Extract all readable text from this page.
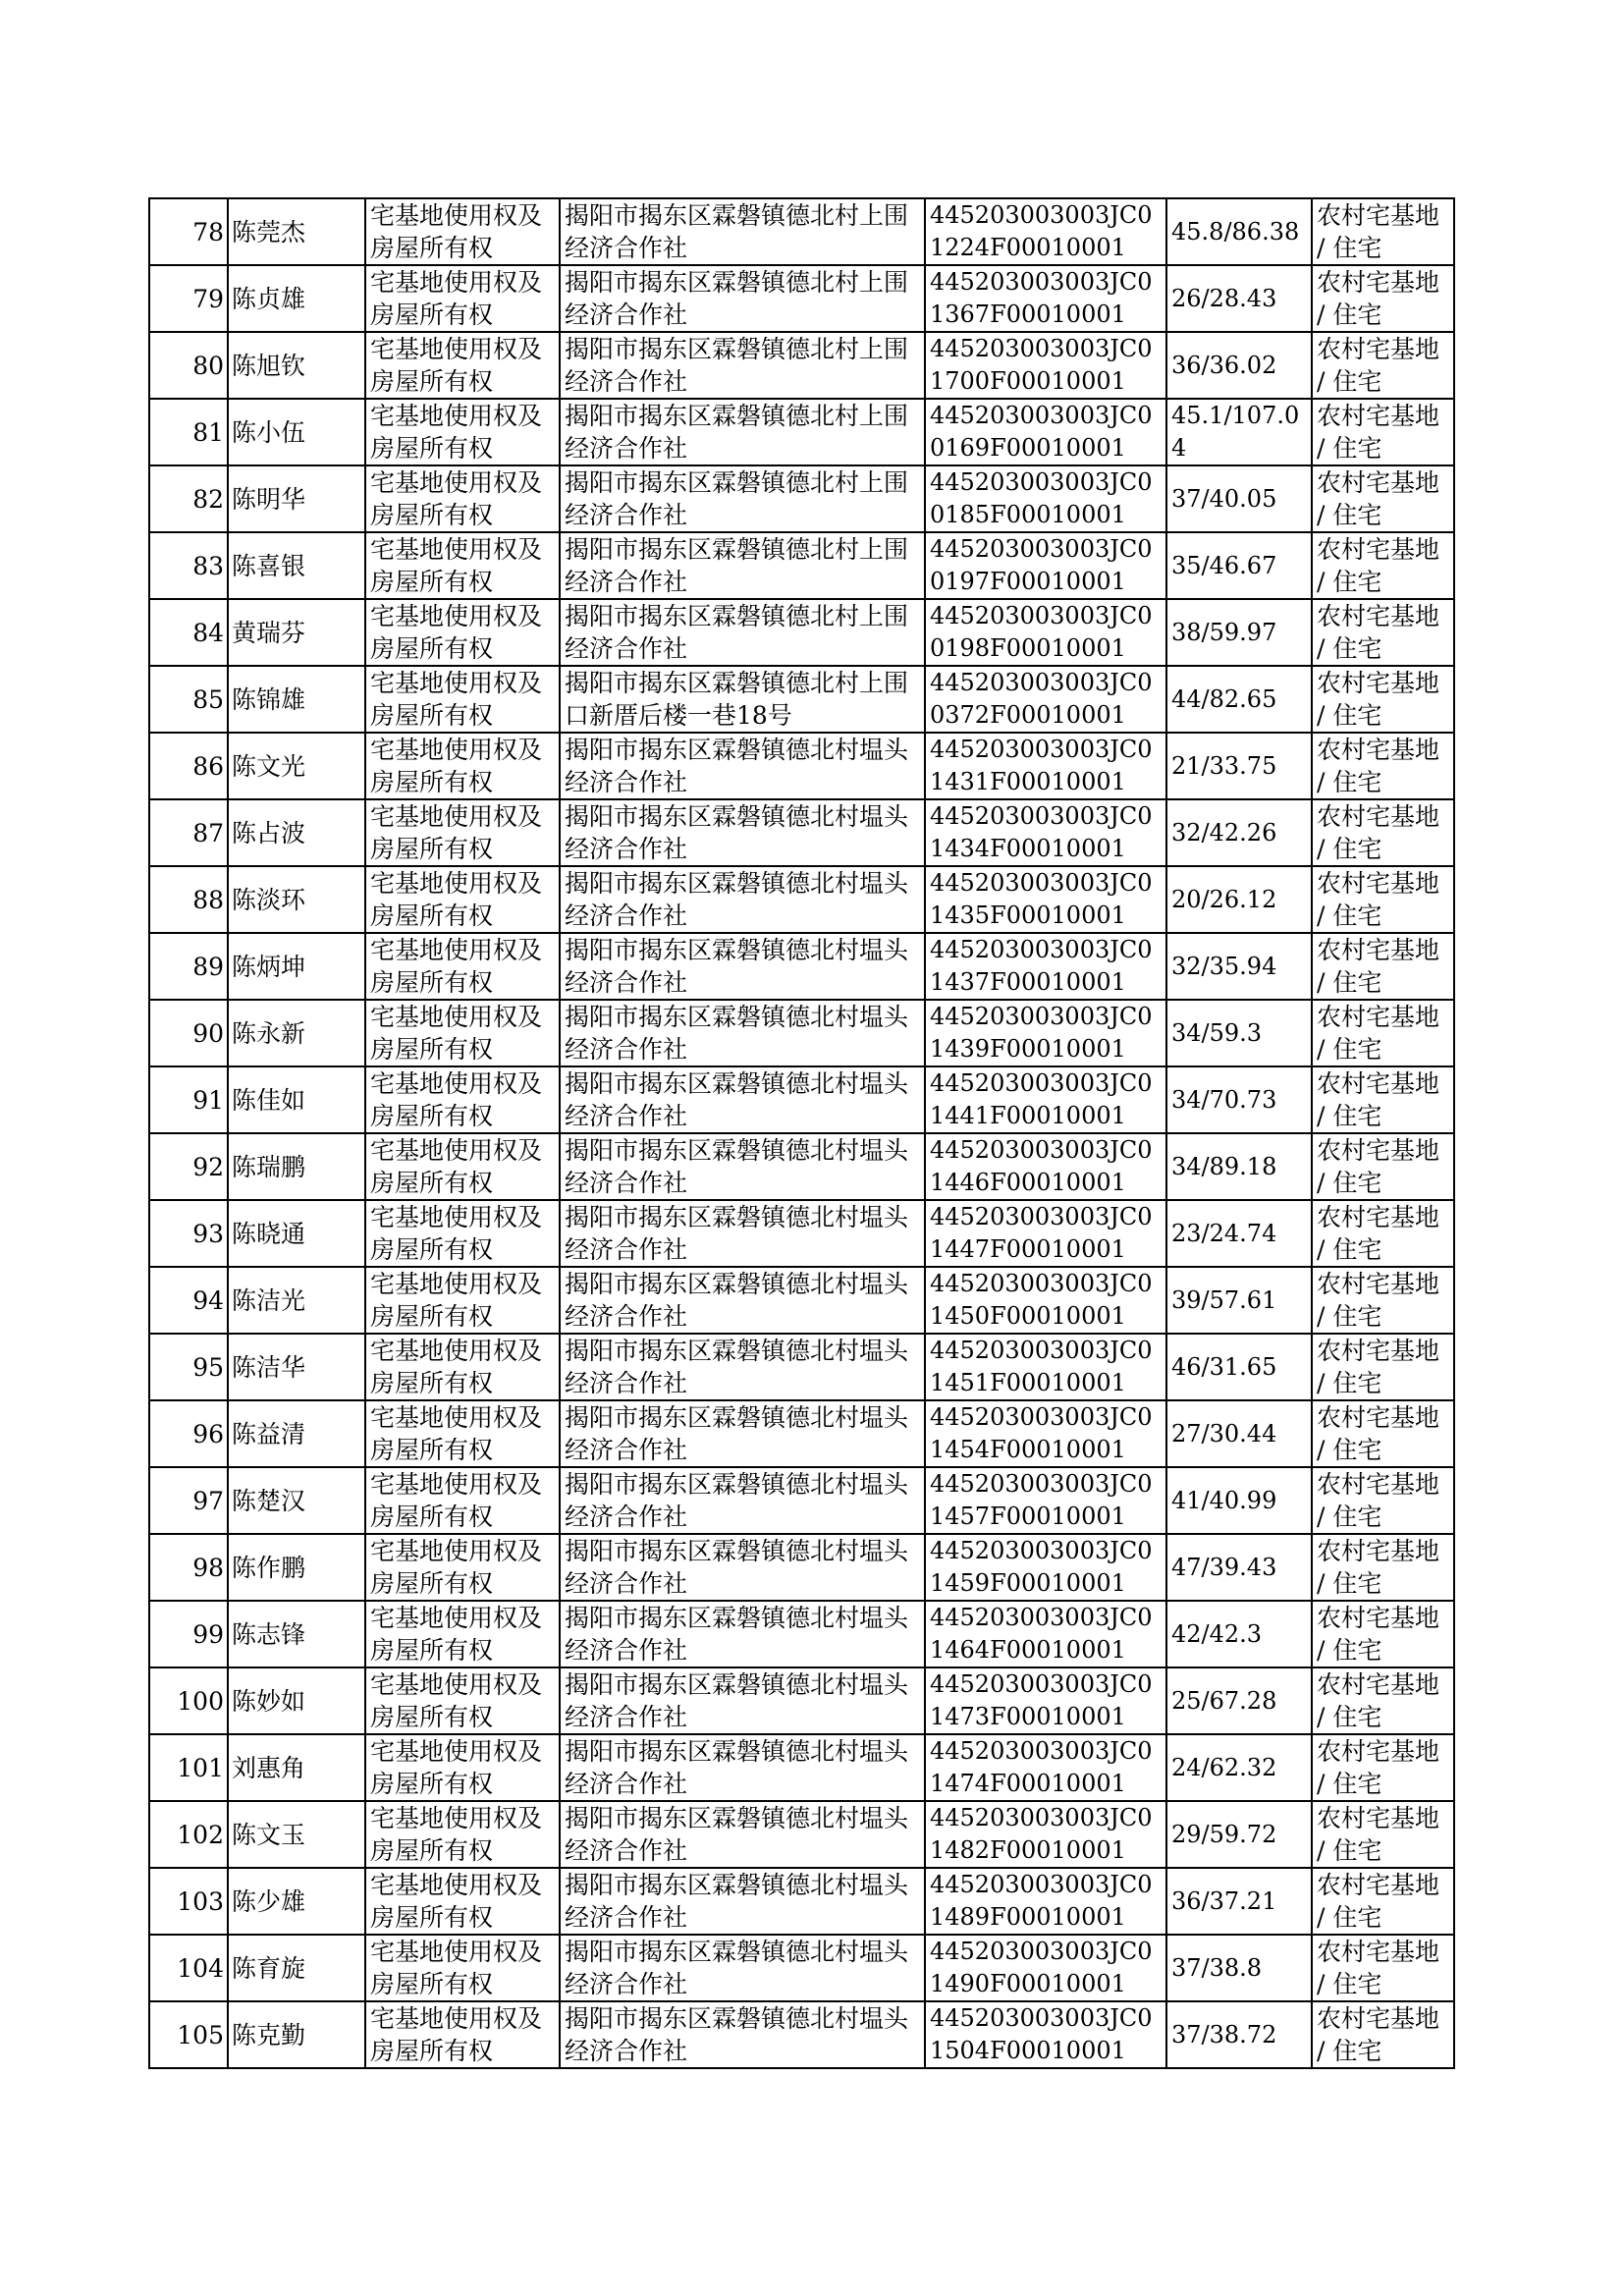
78	陈莞杰	宅基地使用权及房屋所有权	揭阳市揭东区霖磐镇德北村上围经济合作社	445203003003JC01224F00010001	45.8/86.38	农村宅基地 / 住宅
79	陈贞雄	宅基地使用权及房屋所有权	揭阳市揭东区霖磐镇德北村上围经济合作社	445203003003JC01367F00010001	26/28.43	农村宅基地 / 住宅
80	陈旭钦	宅基地使用权及房屋所有权	揭阳市揭东区霖磐镇德北村上围经济合作社	445203003003JC01700F00010001	36/36.02	农村宅基地 / 住宅
81	陈小伍	宅基地使用权及房屋所有权	揭阳市揭东区霖磐镇德北村上围经济合作社	445203003003JC00169F00010001	45.1/107.04	农村宅基地 / 住宅
82	陈明华	宅基地使用权及房屋所有权	揭阳市揭东区霖磐镇德北村上围经济合作社	445203003003JC00185F00010001	37/40.05	农村宅基地 / 住宅
83	陈喜银	宅基地使用权及房屋所有权	揭阳市揭东区霖磐镇德北村上围经济合作社	445203003003JC00197F00010001	35/46.67	农村宅基地 / 住宅
84	黄瑞芬	宅基地使用权及房屋所有权	揭阳市揭东区霖磐镇德北村上围经济合作社	445203003003JC00198F00010001	38/59.97	农村宅基地 / 住宅
85	陈锦雄	宅基地使用权及房屋所有权	揭阳市揭东区霖磐镇德北村上围口新厝后楼一巷18号	445203003003JC00372F00010001	44/82.65	农村宅基地 / 住宅
86	陈文光	宅基地使用权及房屋所有权	揭阳市揭东区霖磐镇德北村塭头经济合作社	445203003003JC01431F00010001	21/33.75	农村宅基地 / 住宅
87	陈占波	宅基地使用权及房屋所有权	揭阳市揭东区霖磐镇德北村塭头经济合作社	445203003003JC01434F00010001	32/42.26	农村宅基地 / 住宅
88	陈淡环	宅基地使用权及房屋所有权	揭阳市揭东区霖磐镇德北村塭头经济合作社	445203003003JC01435F00010001	20/26.12	农村宅基地 / 住宅
89	陈炳坤	宅基地使用权及房屋所有权	揭阳市揭东区霖磐镇德北村塭头经济合作社	445203003003JC01437F00010001	32/35.94	农村宅基地 / 住宅
90	陈永新	宅基地使用权及房屋所有权	揭阳市揭东区霖磐镇德北村塭头经济合作社	445203003003JC01439F00010001	34/59.3	农村宅基地 / 住宅
91	陈佳如	宅基地使用权及房屋所有权	揭阳市揭东区霖磐镇德北村塭头经济合作社	445203003003JC01441F00010001	34/70.73	农村宅基地 / 住宅
92	陈瑞鹏	宅基地使用权及房屋所有权	揭阳市揭东区霖磐镇德北村塭头经济合作社	445203003003JC01446F00010001	34/89.18	农村宅基地 / 住宅
93	陈晓通	宅基地使用权及房屋所有权	揭阳市揭东区霖磐镇德北村塭头经济合作社	445203003003JC01447F00010001	23/24.74	农村宅基地 / 住宅
94	陈洁光	宅基地使用权及房屋所有权	揭阳市揭东区霖磐镇德北村塭头经济合作社	445203003003JC01450F00010001	39/57.61	农村宅基地 / 住宅
95	陈洁华	宅基地使用权及房屋所有权	揭阳市揭东区霖磐镇德北村塭头经济合作社	445203003003JC01451F00010001	46/31.65	农村宅基地 / 住宅
96	陈益清	宅基地使用权及房屋所有权	揭阳市揭东区霖磐镇德北村塭头经济合作社	445203003003JC01454F00010001	27/30.44	农村宅基地 / 住宅
97	陈楚汉	宅基地使用权及房屋所有权	揭阳市揭东区霖磐镇德北村塭头经济合作社	445203003003JC01457F00010001	41/40.99	农村宅基地 / 住宅
98	陈作鹏	宅基地使用权及房屋所有权	揭阳市揭东区霖磐镇德北村塭头经济合作社	445203003003JC01459F00010001	47/39.43	农村宅基地 / 住宅
99	陈志锋	宅基地使用权及房屋所有权	揭阳市揭东区霖磐镇德北村塭头经济合作社	445203003003JC01464F00010001	42/42.3	农村宅基地 / 住宅
100	陈妙如	宅基地使用权及房屋所有权	揭阳市揭东区霖磐镇德北村塭头经济合作社	445203003003JC01473F00010001	25/67.28	农村宅基地 / 住宅
101	刘惠角	宅基地使用权及房屋所有权	揭阳市揭东区霖磐镇德北村塭头经济合作社	445203003003JC01474F00010001	24/62.32	农村宅基地 / 住宅
102	陈文玉	宅基地使用权及房屋所有权	揭阳市揭东区霖磐镇德北村塭头经济合作社	445203003003JC01482F00010001	29/59.72	农村宅基地 / 住宅
103	陈少雄	宅基地使用权及房屋所有权	揭阳市揭东区霖磐镇德北村塭头经济合作社	445203003003JC01489F00010001	36/37.21	农村宅基地 / 住宅
104	陈育旋	宅基地使用权及房屋所有权	揭阳市揭东区霖磐镇德北村塭头经济合作社	445203003003JC01490F00010001	37/38.8	农村宅基地 / 住宅
105	陈克勤	宅基地使用权及房屋所有权	揭阳市揭东区霖磐镇德北村塭头经济合作社	445203003003JC01504F00010001	37/38.72	农村宅基地 / 住宅
